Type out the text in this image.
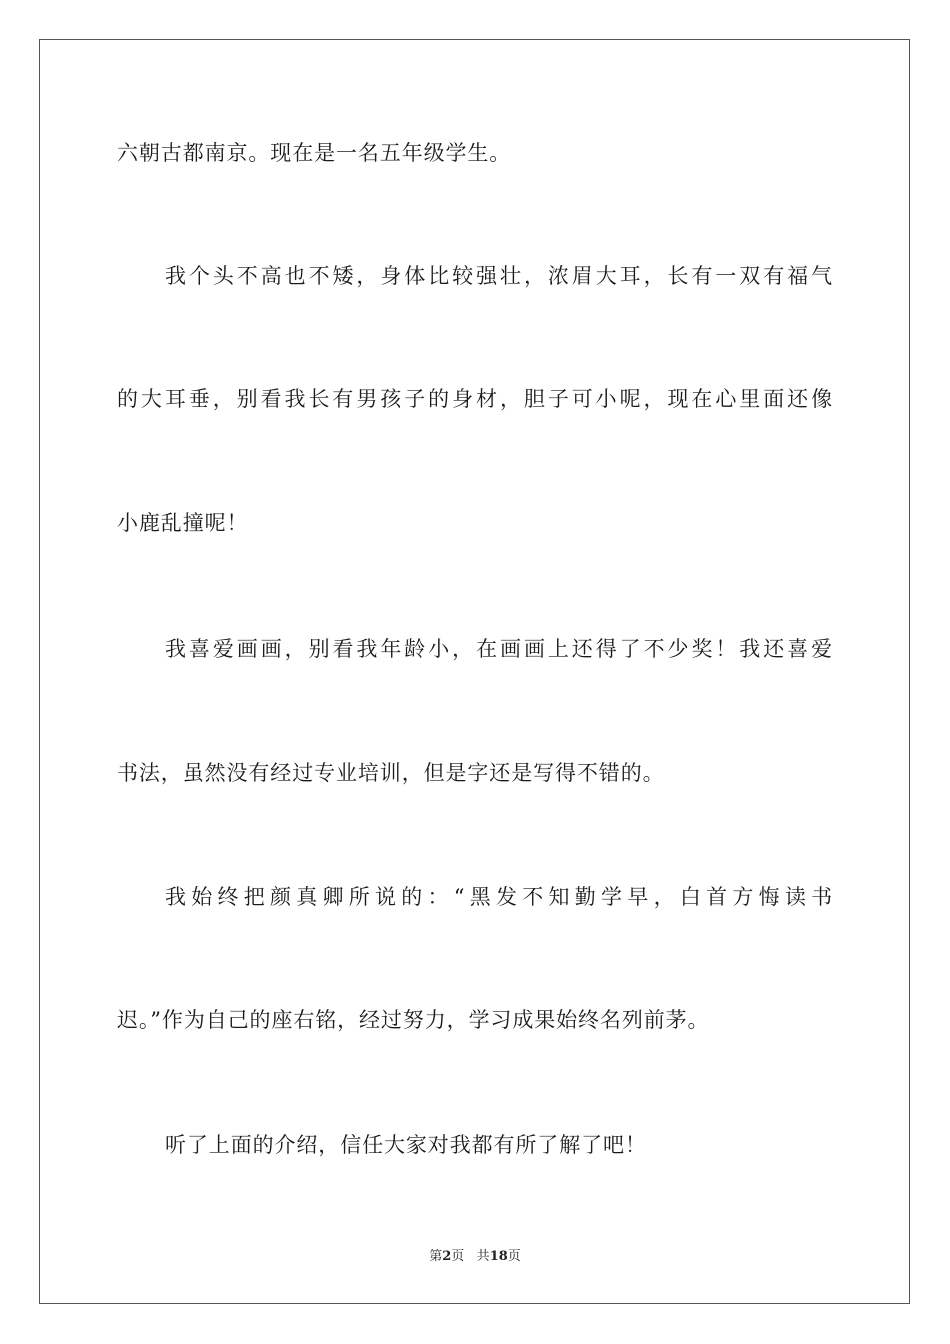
六朝古都南京。现在是一名五年级学生。
我个头不高也不矮，身体比较强壮，浓眉大耳，长有一双有福气
的大耳垂，别看我长有男孩子的身材，胆子可小呢，现在心里面还像
小鹿乱撞呢！
我喜爱画画，别看我年龄小，在画画上还得了不少奖！我还喜爱
书法，虽然没有经过专业培训，但是字还是写得不错的。
我始终把颜真卿所说的：“黑发不知勤学早，白首方悔读书
迟。”作为自己的座右铭，经过努力，学习成果始终名列前茅。
听了上面的介绍，信任大家对我都有所了解了吧！
第2页 共18页
